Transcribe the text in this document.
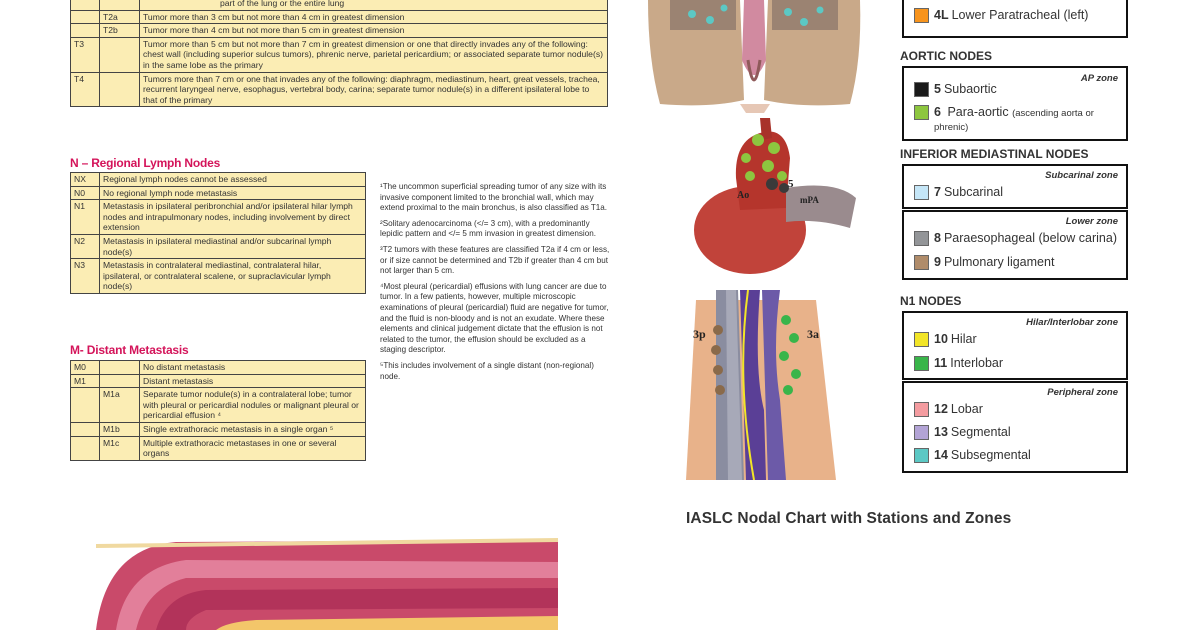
		part of the lung or the entire lung
	T2a	Tumor more than 3 cm but not more than 4 cm in greatest dimension
	T2b	Tumor more than 4 cm but not more than 5 cm in greatest dimension
T3		Tumor more than 5 cm but not more than 7 cm in greatest dimension or one that directly invades any of the following: chest wall (including superior sulcus tumors), phrenic nerve, parietal pericardium; or associated separate tumor nodule(s) in the same lobe as the primary
T4		Tumors more than 7 cm or one that invades any of the following: diaphragm, mediastinum, heart, great vessels, trachea, recurrent laryngeal nerve, esophagus, vertebral body, carina; separate tumor nodule(s) in a different ipsilateral lobe to that of the primary
N – Regional Lymph Nodes
NX	Regional lymph nodes cannot be assessed
N0	No regional lymph node metastasis
N1	Metastasis in ipsilateral peribronchial and/or ipsilateral hilar lymph nodes and intrapulmonary nodes, including involvement by direct extension
N2	Metastasis in ipsilateral mediastinal and/or subcarinal lymph node(s)
N3	Metastasis in contralateral mediastinal, contralateral hilar, ipsilateral, or contralateral scalene, or supraclavicular lymph node(s)
M- Distant Metastasis
M0		No distant metastasis
M1		Distant metastasis
	M1a	Separate tumor nodule(s) in a contralateral lobe; tumor with pleural or pericardial nodules or malignant pleural or pericardial effusion ⁴
	M1b	Single extrathoracic metastasis in a single organ ⁵
	M1c	Multiple extrathoracic metastases in one or several organs

¹The uncommon superficial spreading tumor of any size with its invasive component limited to the bronchial wall, which may extend proximal to the main bronchus, is also classified as T1a.

²Solitary adenocarcinoma (</= 3 cm), with a predominantly lepidic pattern and </= 5 mm invasion in greatest dimension.

³T2 tumors with these features are classified T2a if 4 cm or less, or if size cannot be determined and T2b if greater than 4 cm but not larger than 5 cm.

⁴Most pleural (pericardial) effusions with lung cancer are due to tumor. In a few patients, however, multiple microscopic examinations of pleural (pericardial) fluid are negative for tumor, and the fluid is non-bloody and is not an exudate. Where these elements and clinical judgement dictate that the effusion is not related to the tumor, the effusion should be excluded as a staging descriptor.

⁵This includes involvement of a single distant (non-regional) node.

Ao
5
mPA
3p	3a
IASLC Nodal Chart with Stations and Zones
4L Lower Paratracheal (left)
AORTIC NODES
AP zone
5 Subaortic
6 Para-aortic (ascending aorta or phrenic)
INFERIOR MEDIASTINAL NODES
Subcarinal zone
7 Subcarinal
Lower zone
8 Paraesophageal (below carina)
9 Pulmonary ligament
N1 NODES
Hilar/Interlobar zone
10 Hilar
11 Interlobar
Peripheral zone
12 Lobar
13 Segmental
14 Subsegmental
